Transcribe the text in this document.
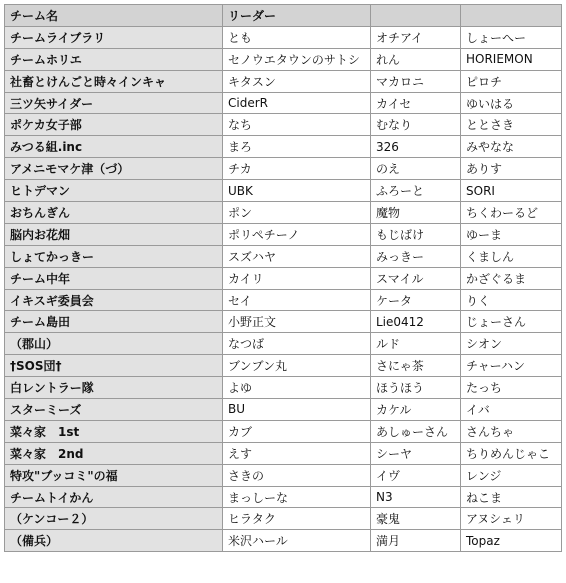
チーム名	リーダー		
チームライブラリ	とも	オチアイ	しょーへー
チームホリエ	セノウエタウンのサトシ	れん	HORIEMON
社畜とけんごと時々インキャ	キタスン	マカロニ	ピロチ
三ツ矢サイダー	CiderR	カイセ	ゆいはる
ポケカ女子部	なち	むなり	ととさき
みつる組.inc	まろ	326	みやなな
アメニモマケ津（づ）	チカ	のえ	ありす
ヒトデマン	UBK	ふろーと	SORI
おちんぎん	ポン	魔物	ちくわーるど
脳内お花畑	ポリペチーノ	もじばけ	ゆーま
しょてかっきー	スズハヤ	みっきー	くましん
チーム中年	カイリ	スマイル	かざぐるま
イキスギ委員会	セイ	ケータ	りく
チーム島田	小野正文	Lie0412	じょーさん
（郡山）	なつば	ルド	シオン
†SOS団†	ブンブン丸	さにゃ茶	チャーハン
白レントラー隊	よゆ	ほうほう	たっち
スターミーズ	BU	カケル	イバ
菜々家　1st	カブ	あしゅーさん	さんちゃ
菜々家　2nd	えす	シーヤ	ちりめんじゃこ
特攻"ブッコミ"の福	さきの	イヴ	レンジ
チームトイかん	まっしーな	N3	ねこま
（ケンコー２）	ヒラタク	豪鬼	アヌシェリ
（備兵）	米沢ハール	満月	Topaz
